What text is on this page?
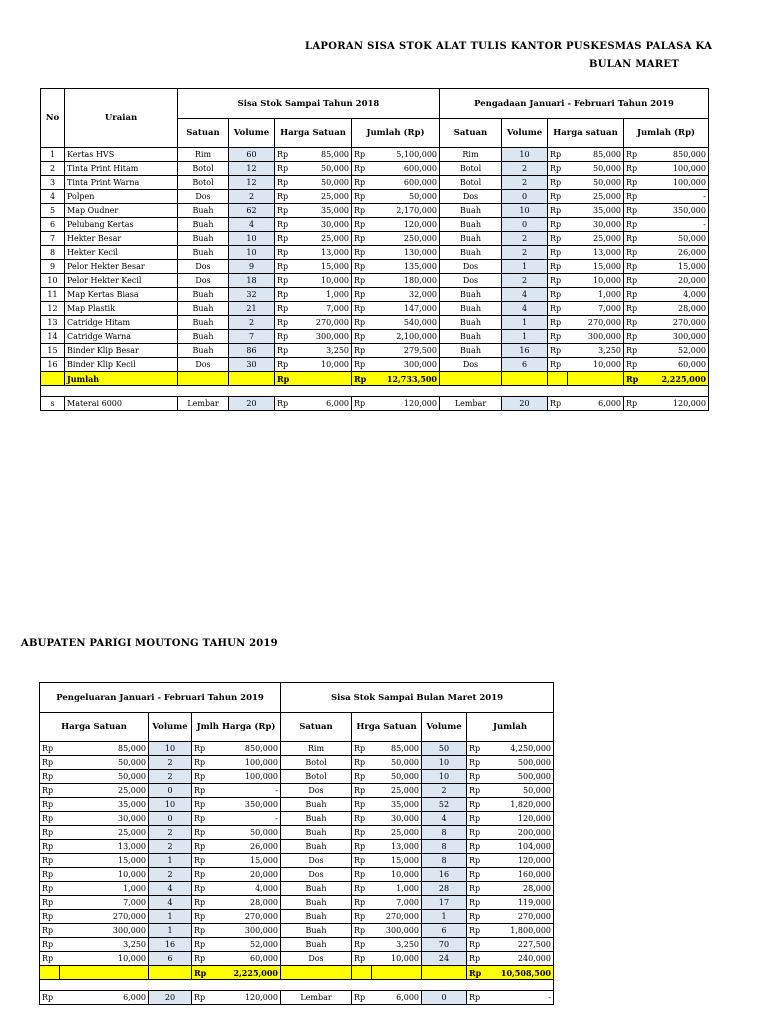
LAPORAN SISA STOK ALAT TULIS KANTOR PUSKESMAS PALASA KA
BULAN MARET
No	Uraian	Sisa Stok Sampai Tahun 2018						Pengadaan Januari - Februari Tahun 2019					
		Satuan	Volume	Harga Satuan		Jumlah (Rp)		Satuan	Volume	Harga satuan		Jumlah (Rp)	
1	Kertas HVS	Rim	60	Rp	85,000	Rp	5,100,000	Rim	10	Rp	85,000	Rp	850,000
2	Tinta Print Hitam	Botol	12	Rp	50,000	Rp	600,000	Botol	2	Rp	50,000	Rp	100,000
3	Tinta Print Warna	Botol	12	Rp	50,000	Rp	600,000	Botol	2	Rp	50,000	Rp	100,000
4	Polpen	Dos	2	Rp	25,000	Rp	50,000	Dos	0	Rp	25,000	Rp	-
5	Map Oudner	Buah	62	Rp	35,000	Rp	2,170,000	Buah	10	Rp	35,000	Rp	350,000
6	Pelubang Kertas	Buah	4	Rp	30,000	Rp	120,000	Buah	0	Rp	30,000	Rp	-
7	Hekter Besar	Buah	10	Rp	25,000	Rp	250,000	Buah	2	Rp	25,000	Rp	50,000
8	Hekter Kecil	Buah	10	Rp	13,000	Rp	130,000	Buah	2	Rp	13,000	Rp	26,000
9	Pelor Hekter Besar	Dos	9	Rp	15,000	Rp	135,000	Dos	1	Rp	15,000	Rp	15,000
10	Pelor Hekter Kecil	Dos	18	Rp	10,000	Rp	180,000	Dos	2	Rp	10,000	Rp	20,000
11	Map Kertas Biasa	Buah	32	Rp	1,000	Rp	32,000	Buah	4	Rp	1,000	Rp	4,000
12	Map Plastik	Buah	21	Rp	7,000	Rp	147,000	Buah	4	Rp	7,000	Rp	28,000
13	Catridge Hitam	Buah	2	Rp	270,000	Rp	540,000	Buah	1	Rp	270,000	Rp	270,000
14	Catridge Warna	Buah	7	Rp	300,000	Rp	2,100,000	Buah	1	Rp	300,000	Rp	300,000
15	Binder Klip Besar	Buah	86	Rp	3,250	Rp	279,500	Buah	16	Rp	3,250	Rp	52,000
16	Binder Klip Kecil	Dos	30	Rp	10,000	Rp	300,000	Dos	6	Rp	10,000	Rp	60,000
	Jumlah			Rp		Rp	12,733,500					Rp	2,225,000

s	Materai 6000	Lembar	20	Rp	6,000	Rp	120,000	Lembar	20	Rp	6,000	Rp	120,000
ABUPATEN PARIGI MOUTONG TAHUN 2019
Pengeluaran Januari - Februari Tahun 2019					Sisa Stok Sampai Bulan Maret 2019					
Harga Satuan		Volume	Jmlh Harga (Rp)		Satuan	Hrga Satuan		Volume	Jumlah	
Rp	85,000	10	Rp	850,000	Rim	Rp	85,000	50	Rp	4,250,000
Rp	50,000	2	Rp	100,000	Botol	Rp	50,000	10	Rp	500,000
Rp	50,000	2	Rp	100,000	Botol	Rp	50,000	10	Rp	500,000
Rp	25,000	0	Rp	-	Dos	Rp	25,000	2	Rp	50,000
Rp	35,000	10	Rp	350,000	Buah	Rp	35,000	52	Rp	1,820,000
Rp	30,000	0	Rp	-	Buah	Rp	30,000	4	Rp	120,000
Rp	25,000	2	Rp	50,000	Buah	Rp	25,000	8	Rp	200,000
Rp	13,000	2	Rp	26,000	Buah	Rp	13,000	8	Rp	104,000
Rp	15,000	1	Rp	15,000	Dos	Rp	15,000	8	Rp	120,000
Rp	10,000	2	Rp	20,000	Dos	Rp	10,000	16	Rp	160,000
Rp	1,000	4	Rp	4,000	Buah	Rp	1,000	28	Rp	28,000
Rp	7,000	4	Rp	28,000	Buah	Rp	7,000	17	Rp	119,000
Rp	270,000	1	Rp	270,000	Buah	Rp	270,000	1	Rp	270,000
Rp	300,000	1	Rp	300,000	Buah	Rp	300,000	6	Rp	1,800,000
Rp	3,250	16	Rp	52,000	Buah	Rp	3,250	70	Rp	227,500
Rp	10,000	6	Rp	60,000	Dos	Rp	10,000	24	Rp	240,000
			Rp	2,225,000					Rp	10,508,500

Rp	6,000	20	Rp	120,000	Lembar	Rp	6,000	0	Rp	-
